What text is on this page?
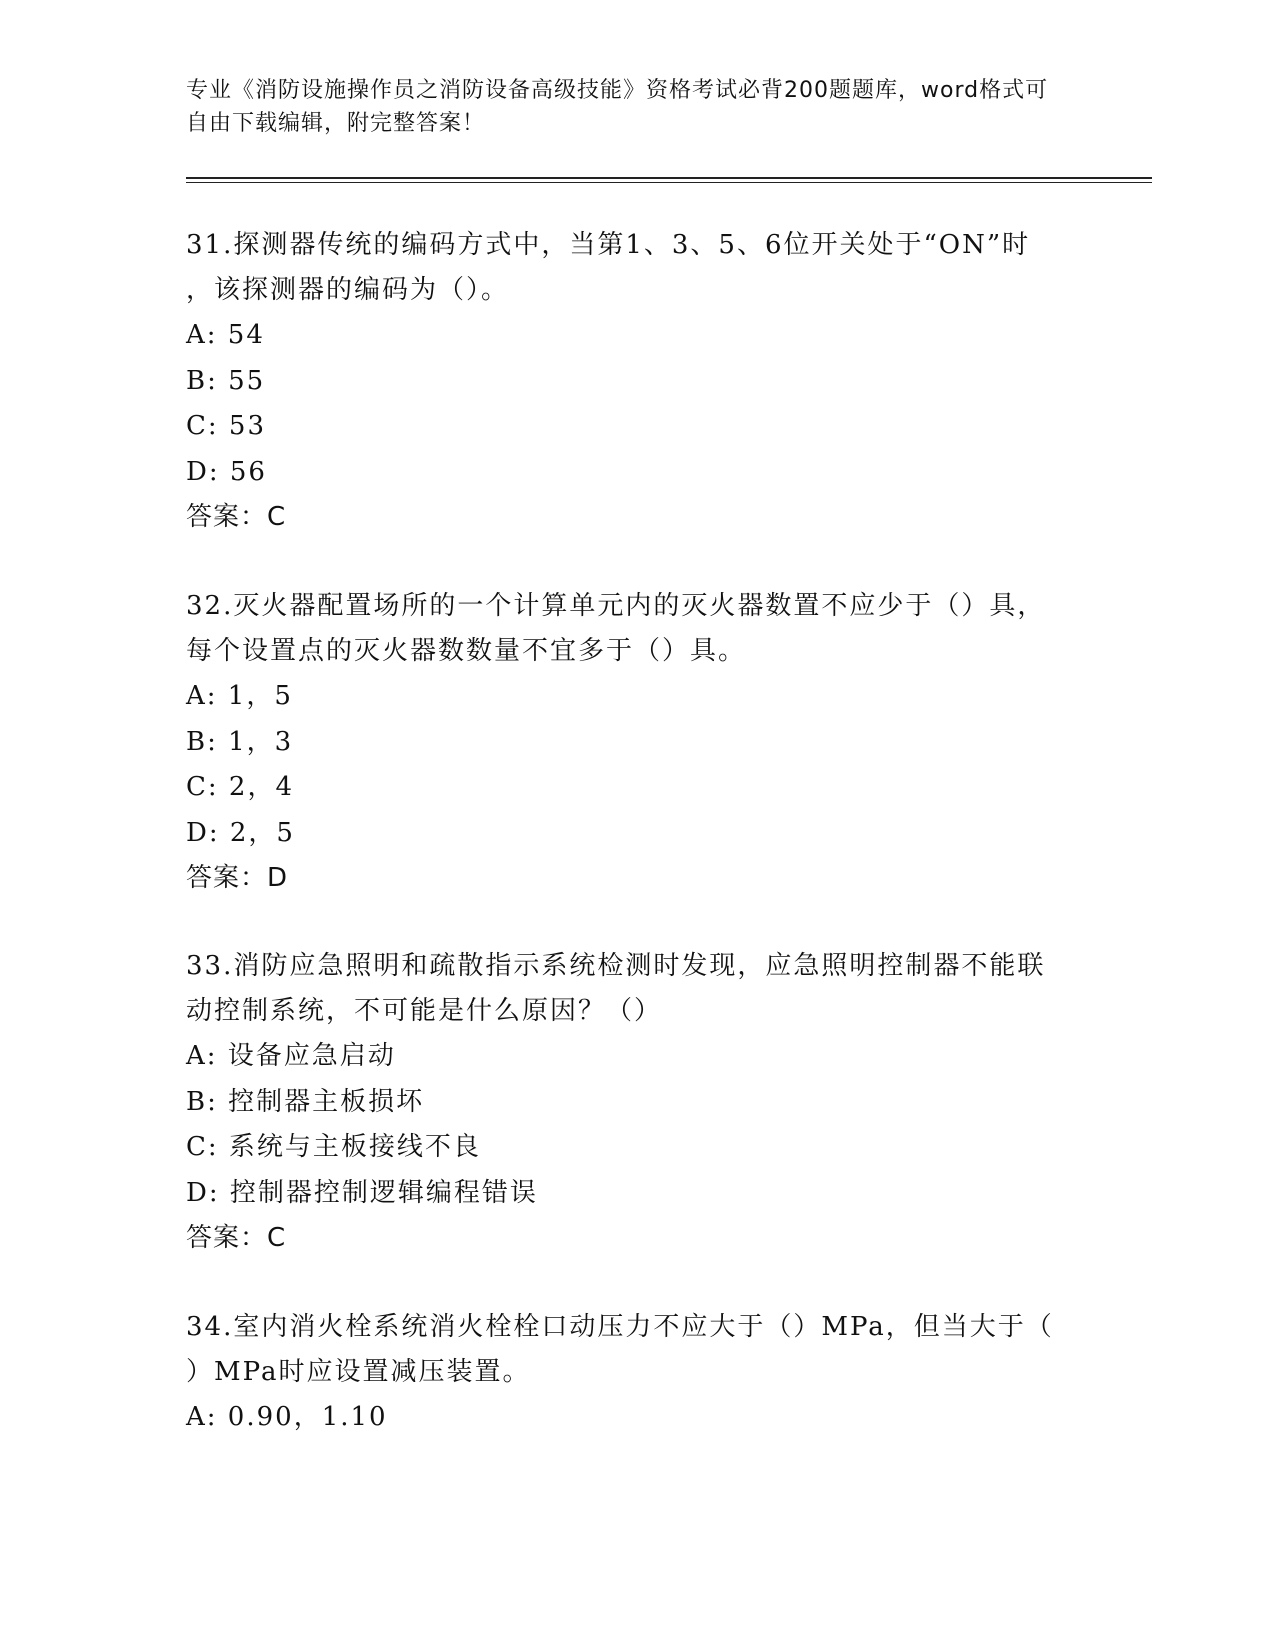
专业《消防设施操作员之消防设备高级技能》资格考试必背200题题库，word格式可自由下载编辑，附完整答案！
31.探测器传统的编码方式中，当第1、3、5、6位开关处于“ON”时
，该探测器的编码为（）。
A: 54
B: 55
C: 53
D: 56
答案：C
32.灭火器配置场所的一个计算单元内的灭火器数置不应少于（）具，
每个设置点的灭火器数数量不宜多于（）具。
A: 1，5
B: 1，3
C: 2，4
D: 2，5
答案：D
33.消防应急照明和疏散指示系统检测时发现，应急照明控制器不能联
动控制系统，不可能是什么原因？（）
A: 设备应急启动
B: 控制器主板损坏
C: 系统与主板接线不良
D: 控制器控制逻辑编程错误
答案：C
34.室内消火栓系统消火栓栓口动压力不应大于（）MPa，但当大于（
）MPa时应设置减压装置。
A: 0.90，1.10
